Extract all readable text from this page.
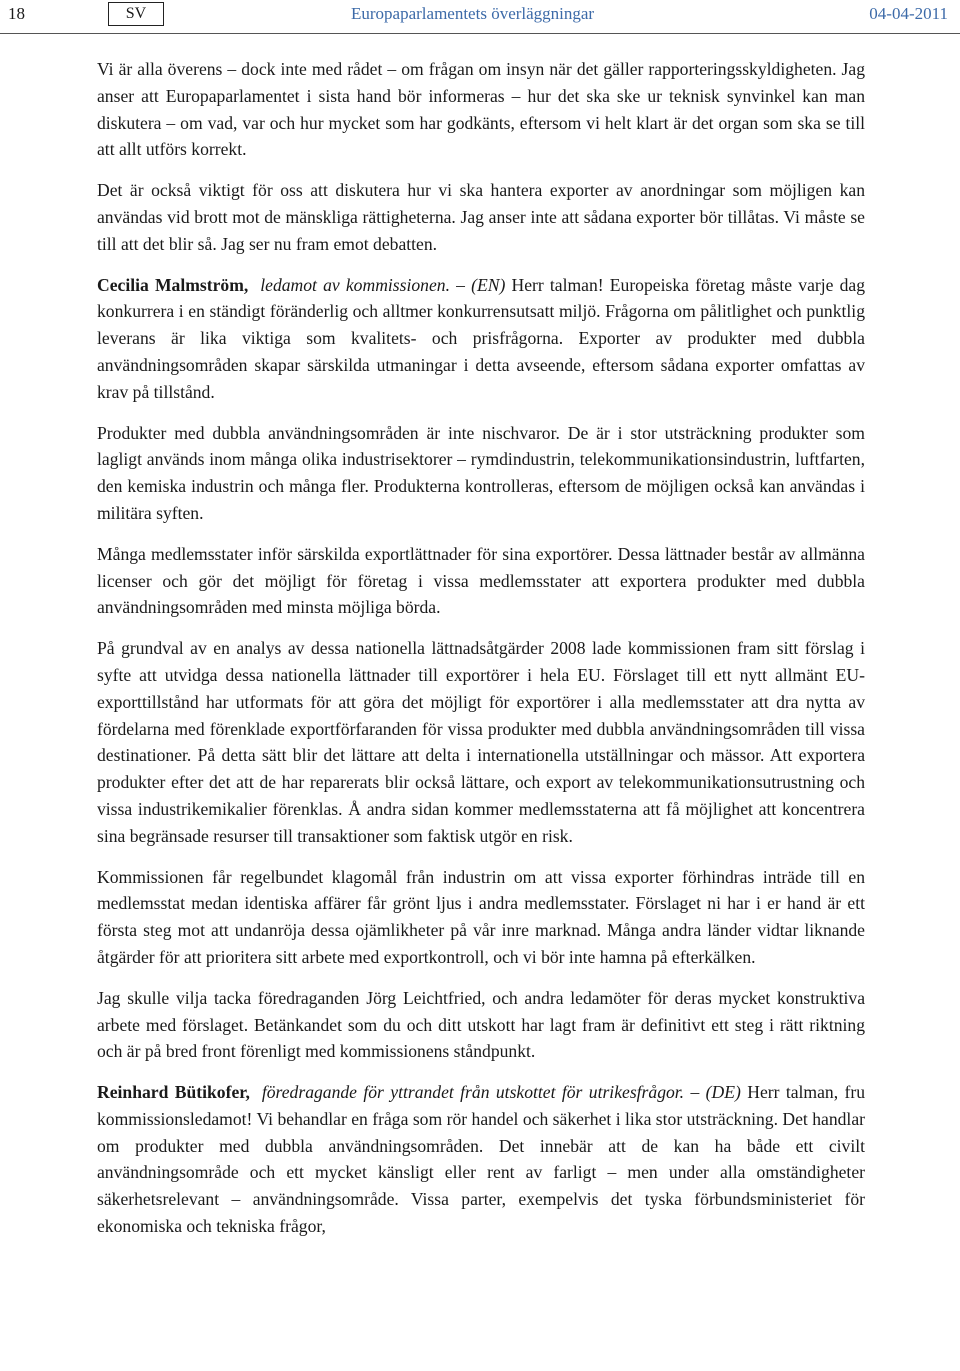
18	SV	Europaparlamentets överläggningar	04-04-2011

Vi är alla överens – dock inte med rådet – om frågan om insyn när det gäller rapporteringsskyldigheten. Jag anser att Europaparlamentet i sista hand bör informeras – hur det ska ske ur teknisk synvinkel kan man diskutera – om vad, var och hur mycket som har godkänts, eftersom vi helt klart är det organ som ska se till att allt utförs korrekt.

Det är också viktigt för oss att diskutera hur vi ska hantera exporter av anordningar som möjligen kan användas vid brott mot de mänskliga rättigheterna. Jag anser inte att sådana exporter bör tillåtas. Vi måste se till att det blir så. Jag ser nu fram emot debatten.

Cecilia Malmström, ledamot av kommissionen. – (EN) Herr talman! Europeiska företag måste varje dag konkurrera i en ständigt föränderlig och alltmer konkurrensutsatt miljö. Frågorna om pålitlighet och punktlig leverans är lika viktiga som kvalitets- och prisfrågorna. Exporter av produkter med dubbla användningsområden skapar särskilda utmaningar i detta avseende, eftersom sådana exporter omfattas av krav på tillstånd.

Produkter med dubbla användningsområden är inte nischvaror. De är i stor utsträckning produkter som lagligt används inom många olika industrisektorer – rymdindustrin, telekommunikationsindustrin, luftfarten, den kemiska industrin och många fler. Produkterna kontrolleras, eftersom de möjligen också kan användas i militära syften.

Många medlemsstater inför särskilda exportlättnader för sina exportörer. Dessa lättnader består av allmänna licenser och gör det möjligt för företag i vissa medlemsstater att exportera produkter med dubbla användningsområden med minsta möjliga börda.

På grundval av en analys av dessa nationella lättnadsåtgärder 2008 lade kommissionen fram sitt förslag i syfte att utvidga dessa nationella lättnader till exportörer i hela EU. Förslaget till ett nytt allmänt EU-exporttillstånd har utformats för att göra det möjligt för exportörer i alla medlemsstater att dra nytta av fördelarna med förenklade exportförfaranden för vissa produkter med dubbla användningsområden till vissa destinationer. På detta sätt blir det lättare att delta i internationella utställningar och mässor. Att exportera produkter efter det att de har reparerats blir också lättare, och export av telekommunikationsutrustning och vissa industrikemikalier förenklas. Å andra sidan kommer medlemsstaterna att få möjlighet att koncentrera sina begränsade resurser till transaktioner som faktisk utgör en risk.

Kommissionen får regelbundet klagomål från industrin om att vissa exporter förhindras inträde till en medlemsstat medan identiska affärer får grönt ljus i andra medlemsstater. Förslaget ni har i er hand är ett första steg mot att undanröja dessa ojämlikheter på vår inre marknad. Många andra länder vidtar liknande åtgärder för att prioritera sitt arbete med exportkontroll, och vi bör inte hamna på efterkälken.

Jag skulle vilja tacka föredraganden Jörg Leichtfried, och andra ledamöter för deras mycket konstruktiva arbete med förslaget. Betänkandet som du och ditt utskott har lagt fram är definitivt ett steg i rätt riktning och är på bred front förenligt med kommissionens ståndpunkt.

Reinhard Bütikofer, föredragande för yttrandet från utskottet för utrikesfrågor. – (DE) Herr talman, fru kommissionsledamot! Vi behandlar en fråga som rör handel och säkerhet i lika stor utsträckning. Det handlar om produkter med dubbla användningsområden. Det innebär att de kan ha både ett civilt användningsområde och ett mycket känsligt eller rent av farligt – men under alla omständigheter säkerhetsrelevant – användningsområde. Vissa parter, exempelvis det tyska förbundsministeriet för ekonomiska och tekniska frågor,
